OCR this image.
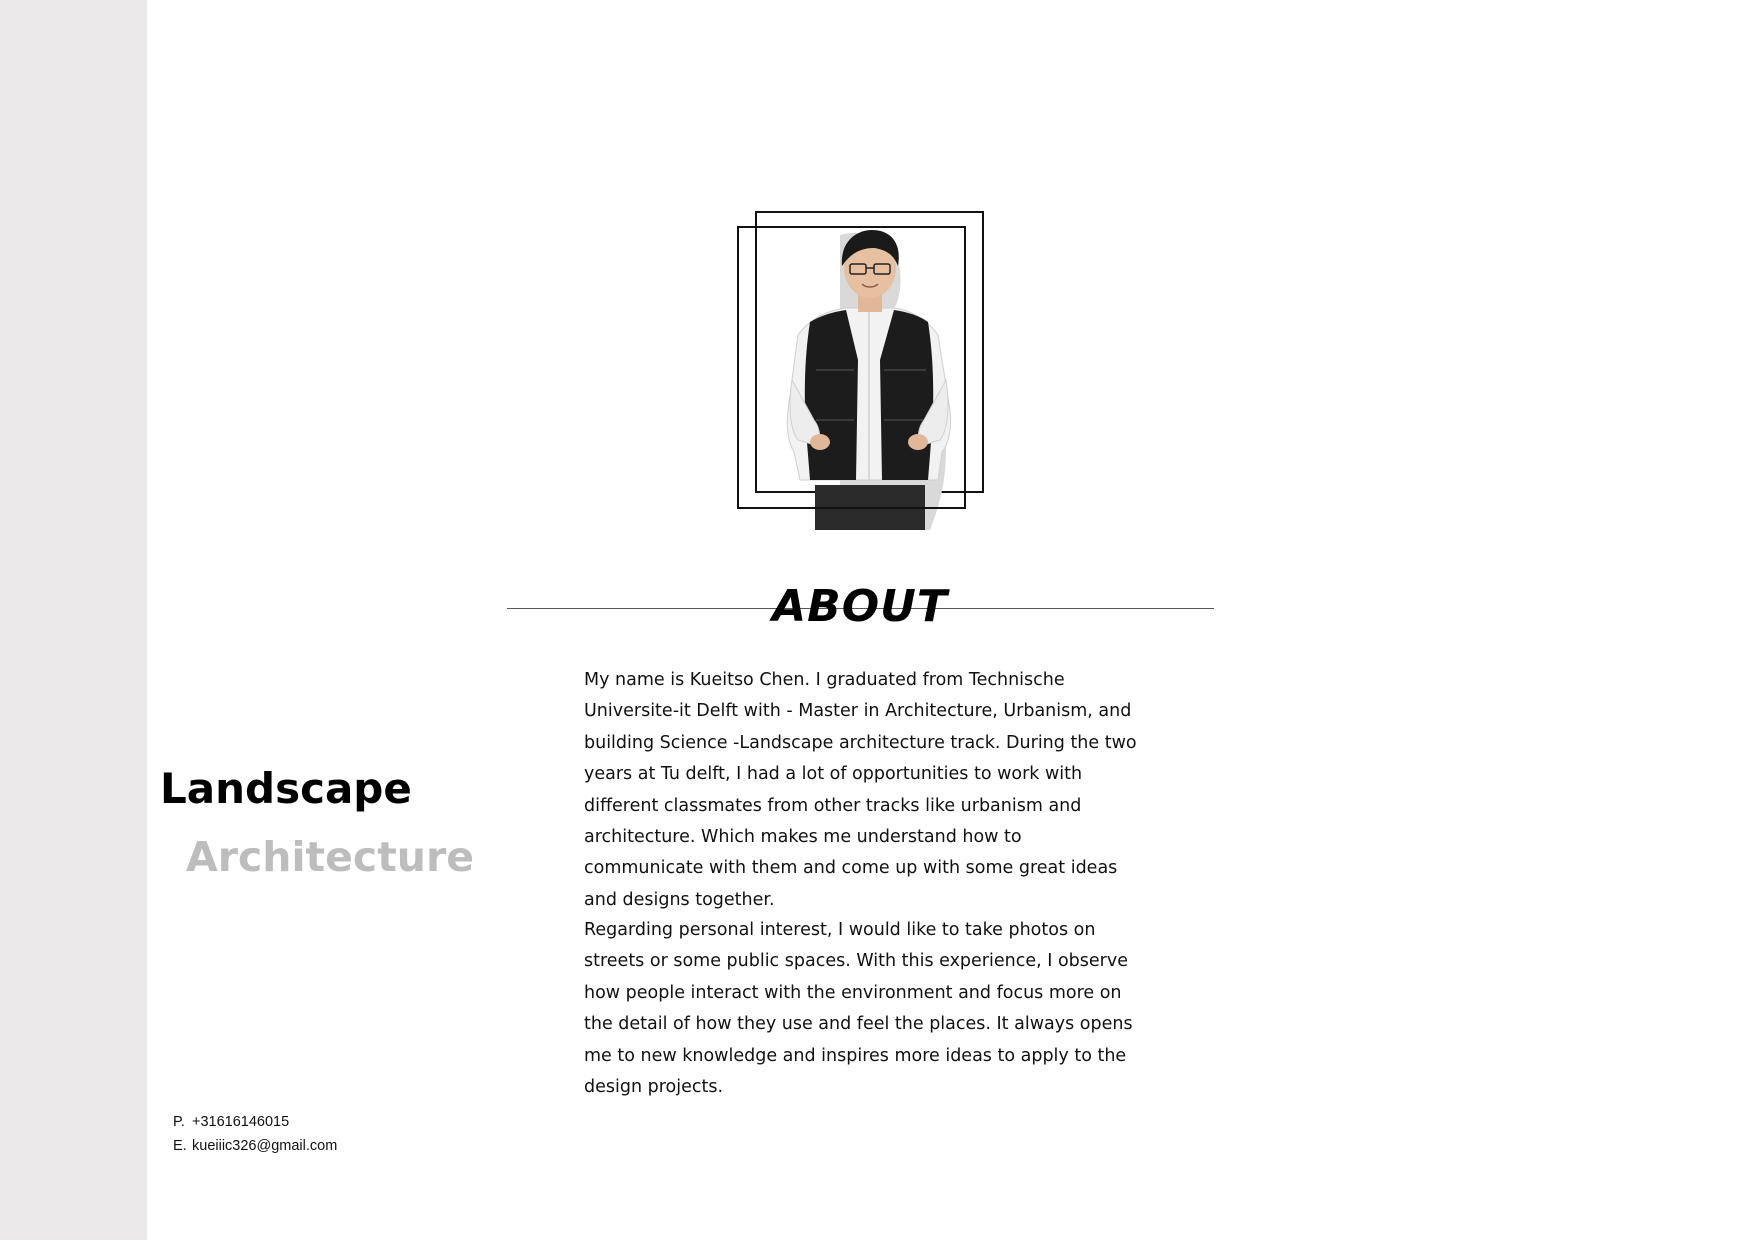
ABOUT

My name is Kueitso Chen. I graduated from Technische Universite-it Delft with - Master in Architecture, Urbanism, and building Science -Landscape architecture track. During the two years at Tu delft, I had a lot of opportunities to work with different classmates from other tracks like urbanism and architecture. Which makes me understand how to communicate with them and come up with some great ideas and designs together.

Regarding personal interest, I would like to take photos on streets or some public spaces. With this experience, I observe how people interact with the environment and focus more on the detail of how they use and feel the places. It always opens me to new knowledge and inspires more ideas to apply to the design projects.

Landscape
Architecture
P. +31616146015
E. kueiiic326@gmail.com
